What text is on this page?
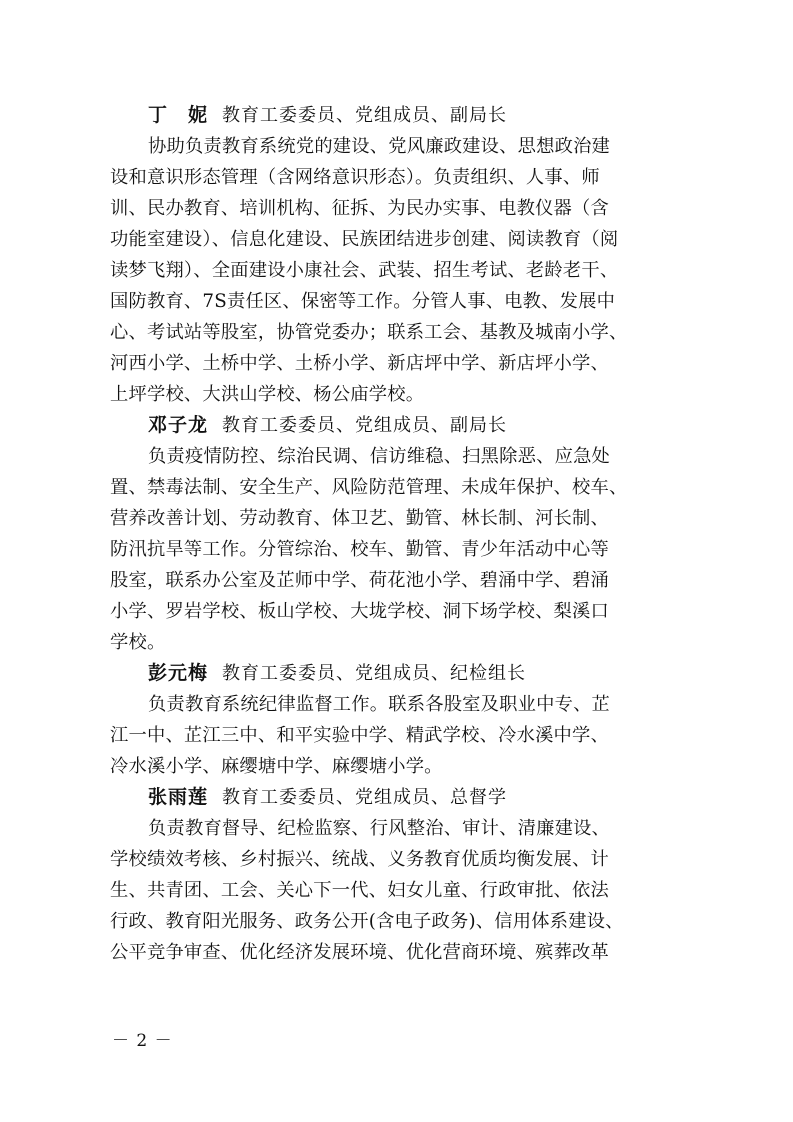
丁　妮 教育工委委员、党组成员、副局长
协助负责教育系统党的建设、党风廉政建设、思想政治建
设和意识形态管理（含网络意识形态）。负责组织、人事、师
训、民办教育、培训机构、征拆、为民办实事、电教仪器（含
功能室建设）、信息化建设、民族团结进步创建、阅读教育（阅
读梦飞翔）、全面建设小康社会、武装、招生考试、老龄老干、
国防教育、7S责任区、保密等工作。分管人事、电教、发展中
心、考试站等股室，协管党委办；联系工会、基教及城南小学、
河西小学、土桥中学、土桥小学、新店坪中学、新店坪小学、
上坪学校、大洪山学校、杨公庙学校。
邓子龙 教育工委委员、党组成员、副局长
负责疫情防控、综治民调、信访维稳、扫黑除恶、应急处
置、禁毒法制、安全生产、风险防范管理、未成年保护、校车、
营养改善计划、劳动教育、体卫艺、勤管、林长制、河长制、
防汛抗旱等工作。分管综治、校车、勤管、青少年活动中心等
股室，联系办公室及芷师中学、荷花池小学、碧涌中学、碧涌
小学、罗岩学校、板山学校、大垅学校、洞下场学校、梨溪口
学校。
彭元梅 教育工委委员、党组成员、纪检组长
负责教育系统纪律监督工作。联系各股室及职业中专、芷
江一中、芷江三中、和平实验中学、精武学校、冷水溪中学、
冷水溪小学、麻缨塘中学、麻缨塘小学。
张雨莲 教育工委委员、党组成员、总督学
负责教育督导、纪检监察、行风整治、审计、清廉建设、
学校绩效考核、乡村振兴、统战、义务教育优质均衡发展、计
生、共青团、工会、关心下一代、妇女儿童、行政审批、依法
行政、教育阳光服务、政务公开(含电子政务)、信用体系建设、
公平竞争审查、优化经济发展环境、优化营商环境、殡葬改革
－ 2 －
